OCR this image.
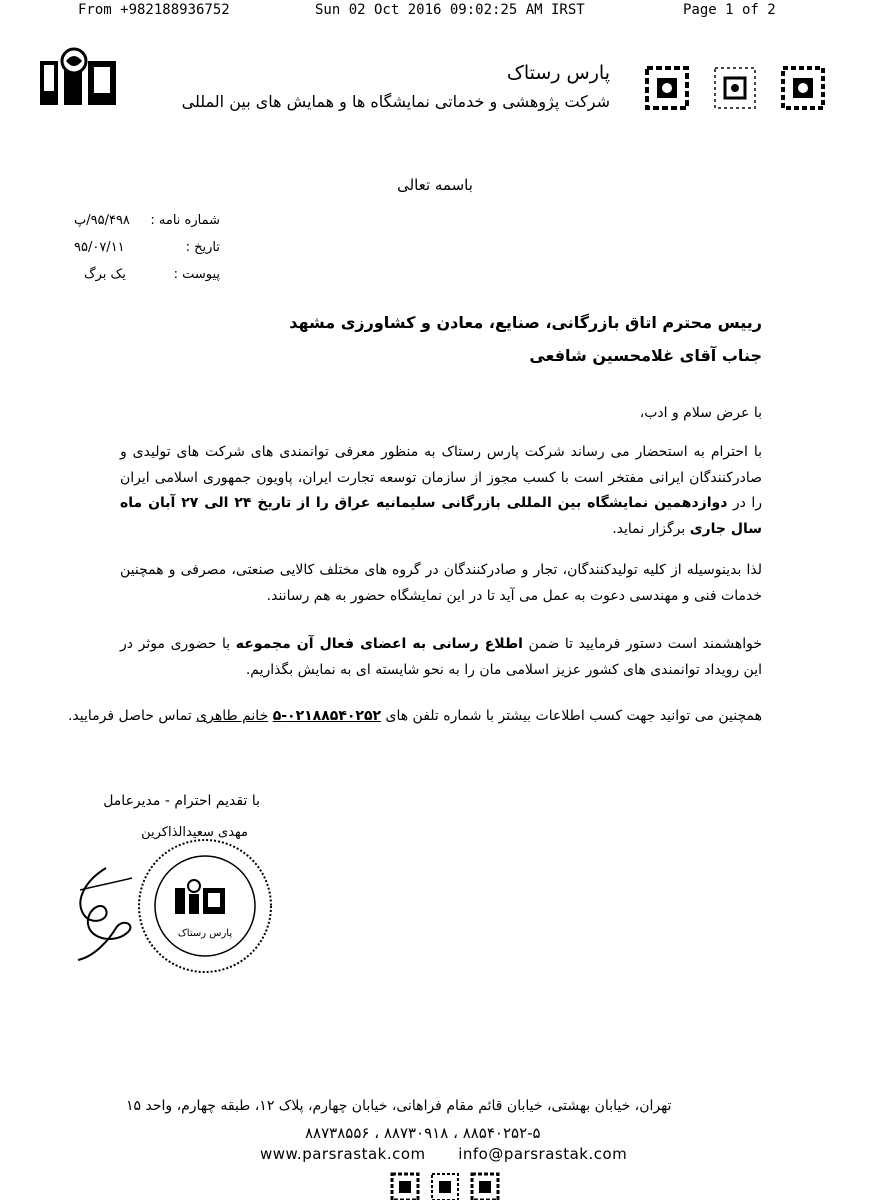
From +982188936752	Sun 02 Oct 2016 09:02:25 AM IRST	Page 1 of 2
پارس رستاک
شرکت پژوهشی و خدماتی نمایشگاه ها و همایش های بین المللی
باسمه تعالی
شماره نامه :
۹۵/۴۹۸/پ
تاریخ :
۹۵/۰۷/۱۱
پیوست :
یک برگ
رییس محترم اتاق بازرگانی، صنایع، معادن و کشاورزی مشهد
جناب آقای غلامحسین شافعی
با عرض سلام و ادب،
با احترام به استحضار می رساند شرکت پارس رستاک به منظور معرفی توانمندی های شرکت های تولیدی و صادرکنندگان ایرانی مفتخر است با کسب مجوز از سازمان توسعه تجارت ایران، پاویون جمهوری اسلامی ایران را در دوازدهمین نمایشگاه بین المللی بازرگانی سلیمانیه عراق را از تاریخ ۲۴ الی ۲۷ آبان ماه سال جاری برگزار نماید.
لذا بدینوسیله از کلیه تولیدکنندگان، تجار و صادرکنندگان در گروه های مختلف کالایی صنعتی، مصرفی و همچنین خدمات فنی و مهندسی دعوت به عمل می آید تا در این نمایشگاه حضور به هم رسانند.
خواهشمند است دستور فرمایید تا ضمن اطلاع رسانی به اعضای فعال آن مجموعه با حضوری موثر در این رویداد توانمندی های کشور عزیز اسلامی مان را به نحو شایسته ای به نمایش بگذاریم.
همچنین می توانید جهت کسب اطلاعات بیشتر با شماره تلفن های ۰۲۱۸۸۵۴۰۲۵۲-۵ خانم طاهری تماس حاصل فرمایید.
با تقدیم احترام - مدیرعامل
مهدی سعیدالذاکرین
پارس رستاک
تهران، خیابان بهشتی، خیابان قائم مقام فراهانی، خیابان چهارم، پلاک ۱۲، طبقه چهارم، واحد ۱۵
۸۸۵۴۰۲۵۲-۵ ، ۸۸۷۳۰۹۱۸ ، ۸۸۷۳۸۵۵۶
www.parsrastak.com info@parsrastak.com
